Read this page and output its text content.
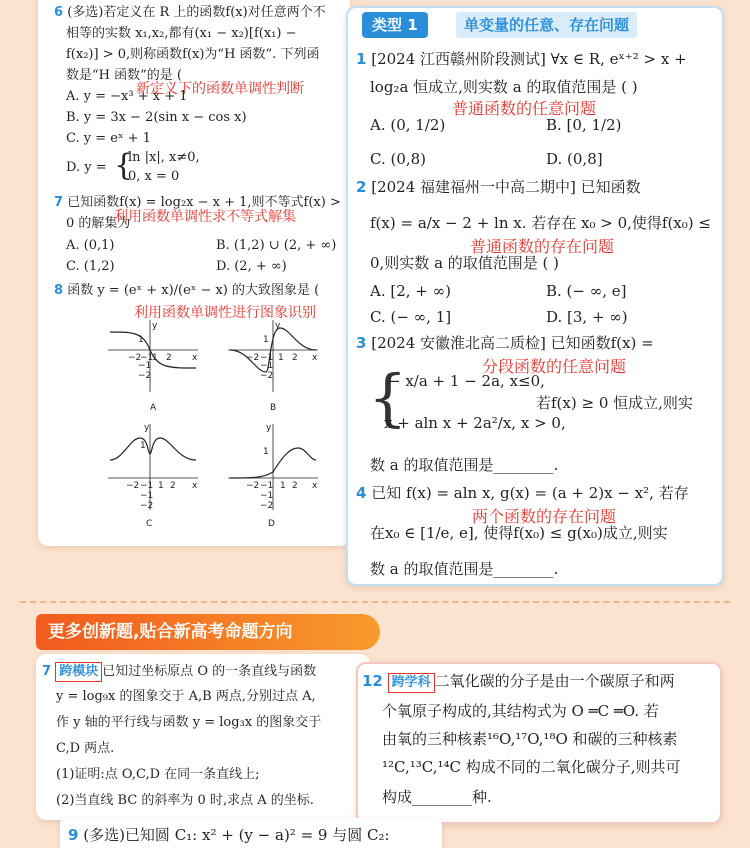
6 (多选)若定义在 R 上的函数f(x)对任意两个不
相等的实数 x₁,x₂,都有(x₁ − x₂)[f(x₁) −
f(x₂)] > 0,则称函数f(x)为“H 函数”. 下列函
数是“H 函数”的是 (
A. y = −x³ + x + 1
新定义下的函数单调性判断
B. y = 3x − 2(sin x − cos x)
C. y = eˣ + 1
D. y = {
ln |x|, x≠0,
0, x = 0
7 已知函数f(x) = log₂x − x + 1,则不等式f(x) >
0 的解集为
利用函数单调性求不等式解集
A. (0,1)	B. (1,2) ∪ (2, + ∞)
C. (1,2)	D. (2, + ∞)
8 函数 y = (eˣ + x)/(eˣ − x) 的大致图象是 (
利用函数单调性进行图象识别
x
y
−2
−1
1 2
1
−1
−2
x
y
−2 −1 1 2
1
−1
−2
A	B
x
y
−2 −1 1 2
1
−1
−2
x
y
−2 −1 1 2
1
−1
−2
C	D
类型 1	单变量的任意、存在问题
1 [2024 江西赣州阶段测试] ∀x ∈ R, eˣ⁺² > x +
log₂a 恒成立,则实数 a 的取值范围是 ( )
普通函数的任意问题
A. (0, 1/2)	B. [0, 1/2)
C. (0,8)	D. (0,8]
2 [2024 福建福州一中高二期中] 已知函数
f(x) = a/x − 2 + ln x. 若存在 x₀ > 0,使得f(x₀) ≤
普通函数的存在问题
0,则实数 a 的取值范围是 ( )
A. [2, + ∞)	B. (− ∞, e]
C. (− ∞, 1]	D. [3, + ∞)
3 [2024 安徽淮北高二质检] 已知函数f(x) =
分段函数的任意问题
{
− x/a + 1 − 2a, x≤0,
x + aln x + 2a²/x, x > 0,
若f(x) ≥ 0 恒成立,则实
数 a 的取值范围是________.
4 已知 f(x) = aln x, g(x) = (a + 2)x − x², 若存
两个函数的存在问题
在x₀ ∈ [1/e, e], 使得f(x₀) ≤ g(x₀)成立,则实
数 a 的取值范围是________.
更多创新题,贴合新高考命题方向
7 跨模块 已知过坐标原点 O 的一条直线与函数
y = log₉x 的图象交于 A,B 两点,分别过点 A,
作 y 轴的平行线与函数 y = log₃x 的图象交于
C,D 两点.
(1)证明:点 O,C,D 在同一条直线上;
(2)当直线 BC 的斜率为 0 时,求点 A 的坐标.
12 跨学科 二氧化碳的分子是由一个碳原子和两
个氧原子构成的,其结构式为 O ═C ═O. 若
由氧的三种核素¹⁶O,¹⁷O,¹⁸O 和碳的三种核素
¹²C,¹³C,¹⁴C 构成不同的二氧化碳分子,则共可
构成________种.
9 (多选)已知圆 C₁: x² + (y − a)² = 9 与圆 C₂:
